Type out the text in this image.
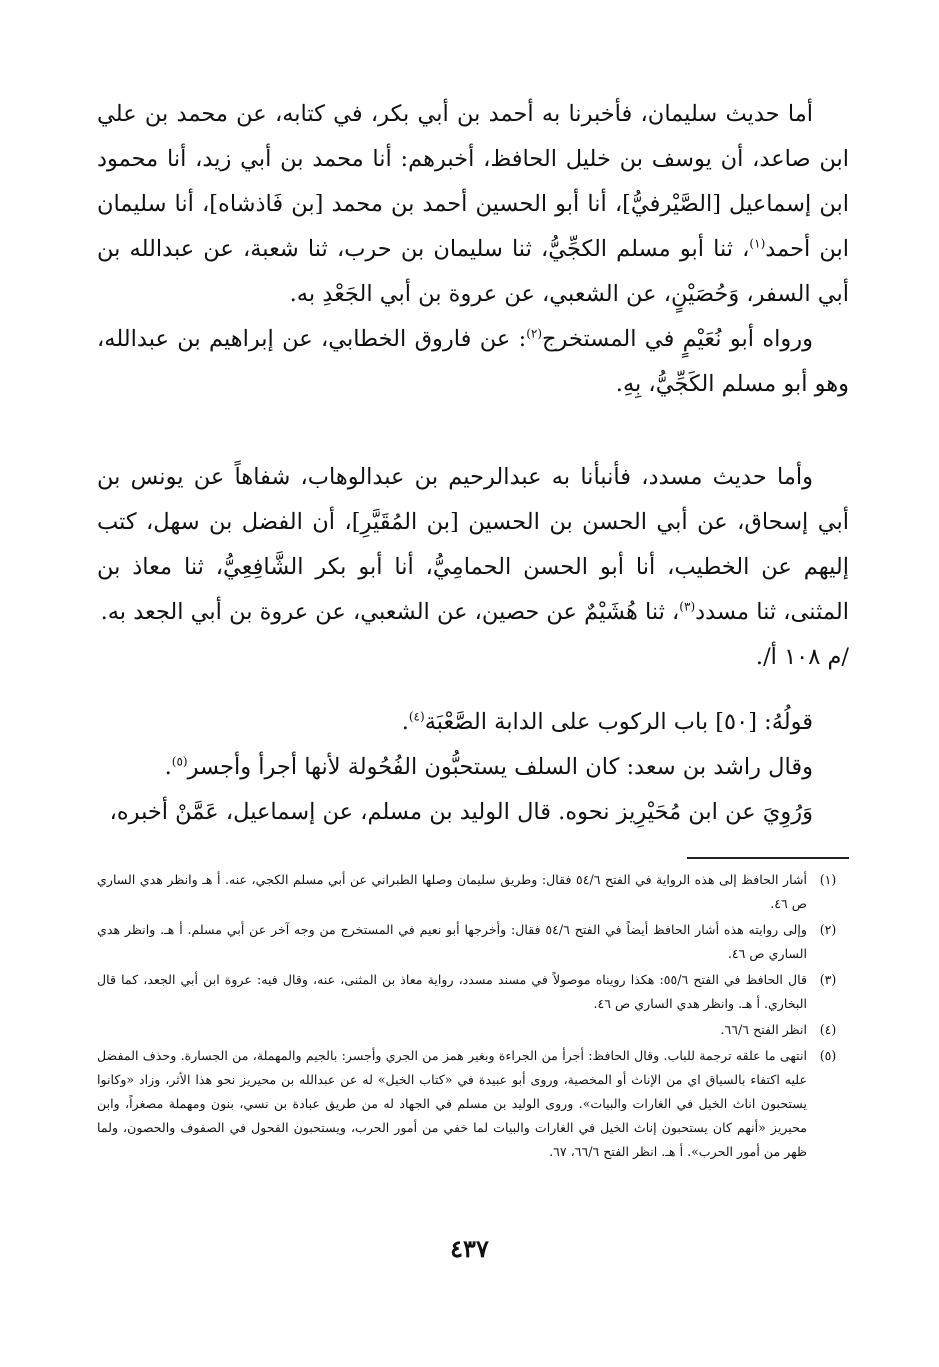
أما حديث سليمان، فأخبرنا به أحمد بن أبي بكر، في كتابه، عن محمد بن علي ابن صاعد، أن يوسف بن خليل الحافظ، أخبرهم: أنا محمد بن أبي زيد، أنا محمود ابن إسماعيل [الصَّيْرفيُّ]، أنا أبو الحسين أحمد بن محمد [بن فَاذشاه]، أنا سليمان ابن أحمد$^{(١)}$، ثنا أبو مسلم الكجِّيُّ، ثنا سليمان بن حرب، ثنا شعبة، عن عبدالله بن أبي السفر، وَحُصَيْنٍ، عن الشعبي، عن عروة بن أبي الجَعْدِ به.

ورواه أبو نُعَيْمٍ في المستخرج$^{(٢)}$: عن فاروق الخطابي، عن إبراهيم بن عبدالله، وهو أبو مسلم الكَجِّيُّ، بِهِ.

وأما حديث مسدد، فأنبأنا به عبدالرحيم بن عبدالوهاب، شفاهاً عن يونس بن أبي إسحاق، عن أبي الحسن بن الحسين [بن المُقَيَّرِ]، أن الفضل بن سهل، كتب إليهم عن الخطيب، أنا أبو الحسن الحمامِيُّ، أنا أبو بكر الشَّافِعِيُّ، ثنا معاذ بن المثنى، ثنا مسدد$^{(٣)}$، ثنا هُشَيْمٌ عن حصين، عن الشعبي، عن عروة بن أبي الجعد به.

/م ١٠٨ أ/.

قولُهُ: [٥٠] باب الركوب على الدابة الصَّعْبَة$^{(٤)}$.

وقال راشد بن سعد: كان السلف يستحبُّون الفُحُولة لأنها أجرأ وأجسر$^{(٥)}$.

وَرُوِيَ عن ابن مُحَيْرِيز نحوه. قال الوليد بن مسلم، عن إسماعيل، عَمَّنْ أخبره،

(١)
أشار الحافظ إلى هذه الرواية في الفتح ٥٤/٦ فقال: وطريق سليمان وصلها الطبراني عن أبي مسلم الكجي، عنه. أ هـ وانظر هدي الساري ص ٤٦.
(٢)
وإلى روايته هذه أشار الحافظ أيضاً في الفتح ٥٤/٦ فقال: وأخرجها أبو نعيم في المستخرج من وجه آخر عن أبي مسلم. أ هـ. وانظر هدي الساري ص ٤٦.
(٣)
قال الحافظ في الفتح ٥٥/٦: هكذا رويناه موصولاً في مسند مسدد، رواية معاذ بن المثنى، عنه، وقال فيه: عروة ابن أبي الجعد، كما قال البخاري. أ هـ. وانظر هدي الساري ص ٤٦.
(٤)
انظر الفتح ٦٦/٦.
(٥)
انتهى ما علقه ترجمة للباب. وقال الحافظ: أجرأ من الجراءة وبغير همز من الجري وأجسر: بالجيم والمهملة، من الجسارة. وحذف المفضل عليه اكتفاء بالسياق اي من الإناث أو المخصية، وروى أبو عبيدة في «كتاب الخيل» له عن عبدالله بن محيريز نحو هذا الأثر، وزاد «وكانوا يستحبون اناث الخيل في الغارات والبيات». وروى الوليد بن مسلم في الجهاد له من طريق عبادة بن نسي، بنون ومهملة مصغراً، وابن محيريز «أنهم كان يستحبون إناث الخيل في الغارات والبيات لما خفي من أمور الحرب، ويستحبون الفحول في الصفوف والحصون، ولما ظهر من أمور الحرب». أ هـ. انظر الفتح ٦٦/٦، ٦٧.
٤٣٧
